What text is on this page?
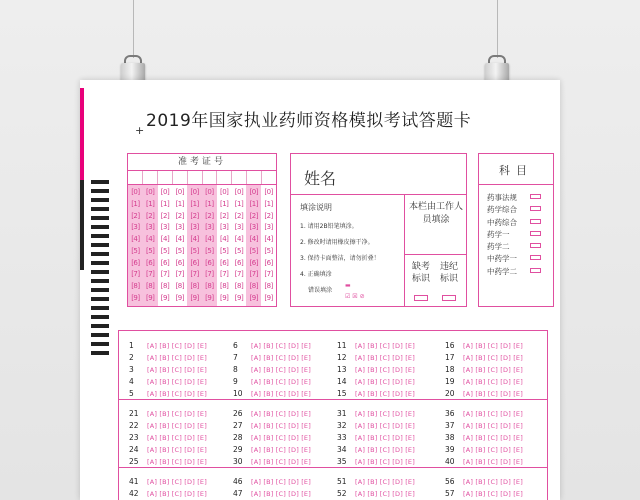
+ 2019年国家执业药师资格模拟考试答题卡
准考证号
[0]
[1]
[2]
[3]
[4]
[5]
[6]
[7]
[8]
[9]
[0]
[1]
[2]
[3]
[4]
[5]
[6]
[7]
[8]
[9]
[0]
[1]
[2]
[3]
[4]
[5]
[6]
[7]
[8]
[9]
[0]
[1]
[2]
[3]
[4]
[5]
[6]
[7]
[8]
[9]
[0]
[1]
[2]
[3]
[4]
[5]
[6]
[7]
[8]
[9]
[0]
[1]
[2]
[3]
[4]
[5]
[6]
[7]
[8]
[9]
[0]
[1]
[2]
[3]
[4]
[5]
[6]
[7]
[8]
[9]
[0]
[1]
[2]
[3]
[4]
[5]
[6]
[7]
[8]
[9]
[0]
[1]
[2]
[3]
[4]
[5]
[6]
[7]
[8]
[9]
[0]
[1]
[2]
[3]
[4]
[5]
[6]
[7]
[8]
[9]
姓名
填涂说明
1. 请用2B铅笔填涂。
2. 修改时请用橡皮擦干净。
3. 保持卡面整洁，请勿折叠！
4. 正确填涂
错误填涂
▬
☑ ☒ ⊘
本栏由工作人员填涂
缺考标识
违纪标识
科目
药事法规
药学综合
中药综合
药学一
药学二
中药学一
中药学二
1 [A] [B] [C] [D] [E]
2 [A] [B] [C] [D] [E]
3 [A] [B] [C] [D] [E]
4 [A] [B] [C] [D] [E]
5 [A] [B] [C] [D] [E]
6 [A] [B] [C] [D] [E]
7 [A] [B] [C] [D] [E]
8 [A] [B] [C] [D] [E]
9 [A] [B] [C] [D] [E]
10 [A] [B] [C] [D] [E]
11 [A] [B] [C] [D] [E]
12 [A] [B] [C] [D] [E]
13 [A] [B] [C] [D] [E]
14 [A] [B] [C] [D] [E]
15 [A] [B] [C] [D] [E]
16 [A] [B] [C] [D] [E]
17 [A] [B] [C] [D] [E]
18 [A] [B] [C] [D] [E]
19 [A] [B] [C] [D] [E]
20 [A] [B] [C] [D] [E]
21 [A] [B] [C] [D] [E]
22 [A] [B] [C] [D] [E]
23 [A] [B] [C] [D] [E]
24 [A] [B] [C] [D] [E]
25 [A] [B] [C] [D] [E]
26 [A] [B] [C] [D] [E]
27 [A] [B] [C] [D] [E]
28 [A] [B] [C] [D] [E]
29 [A] [B] [C] [D] [E]
30 [A] [B] [C] [D] [E]
31 [A] [B] [C] [D] [E]
32 [A] [B] [C] [D] [E]
33 [A] [B] [C] [D] [E]
34 [A] [B] [C] [D] [E]
35 [A] [B] [C] [D] [E]
36 [A] [B] [C] [D] [E]
37 [A] [B] [C] [D] [E]
38 [A] [B] [C] [D] [E]
39 [A] [B] [C] [D] [E]
40 [A] [B] [C] [D] [E]
41 [A] [B] [C] [D] [E]
42 [A] [B] [C] [D] [E]
46 [A] [B] [C] [D] [E]
47 [A] [B] [C] [D] [E]
51 [A] [B] [C] [D] [E]
52 [A] [B] [C] [D] [E]
56 [A] [B] [C] [D] [E]
57 [A] [B] [C] [D] [E]
